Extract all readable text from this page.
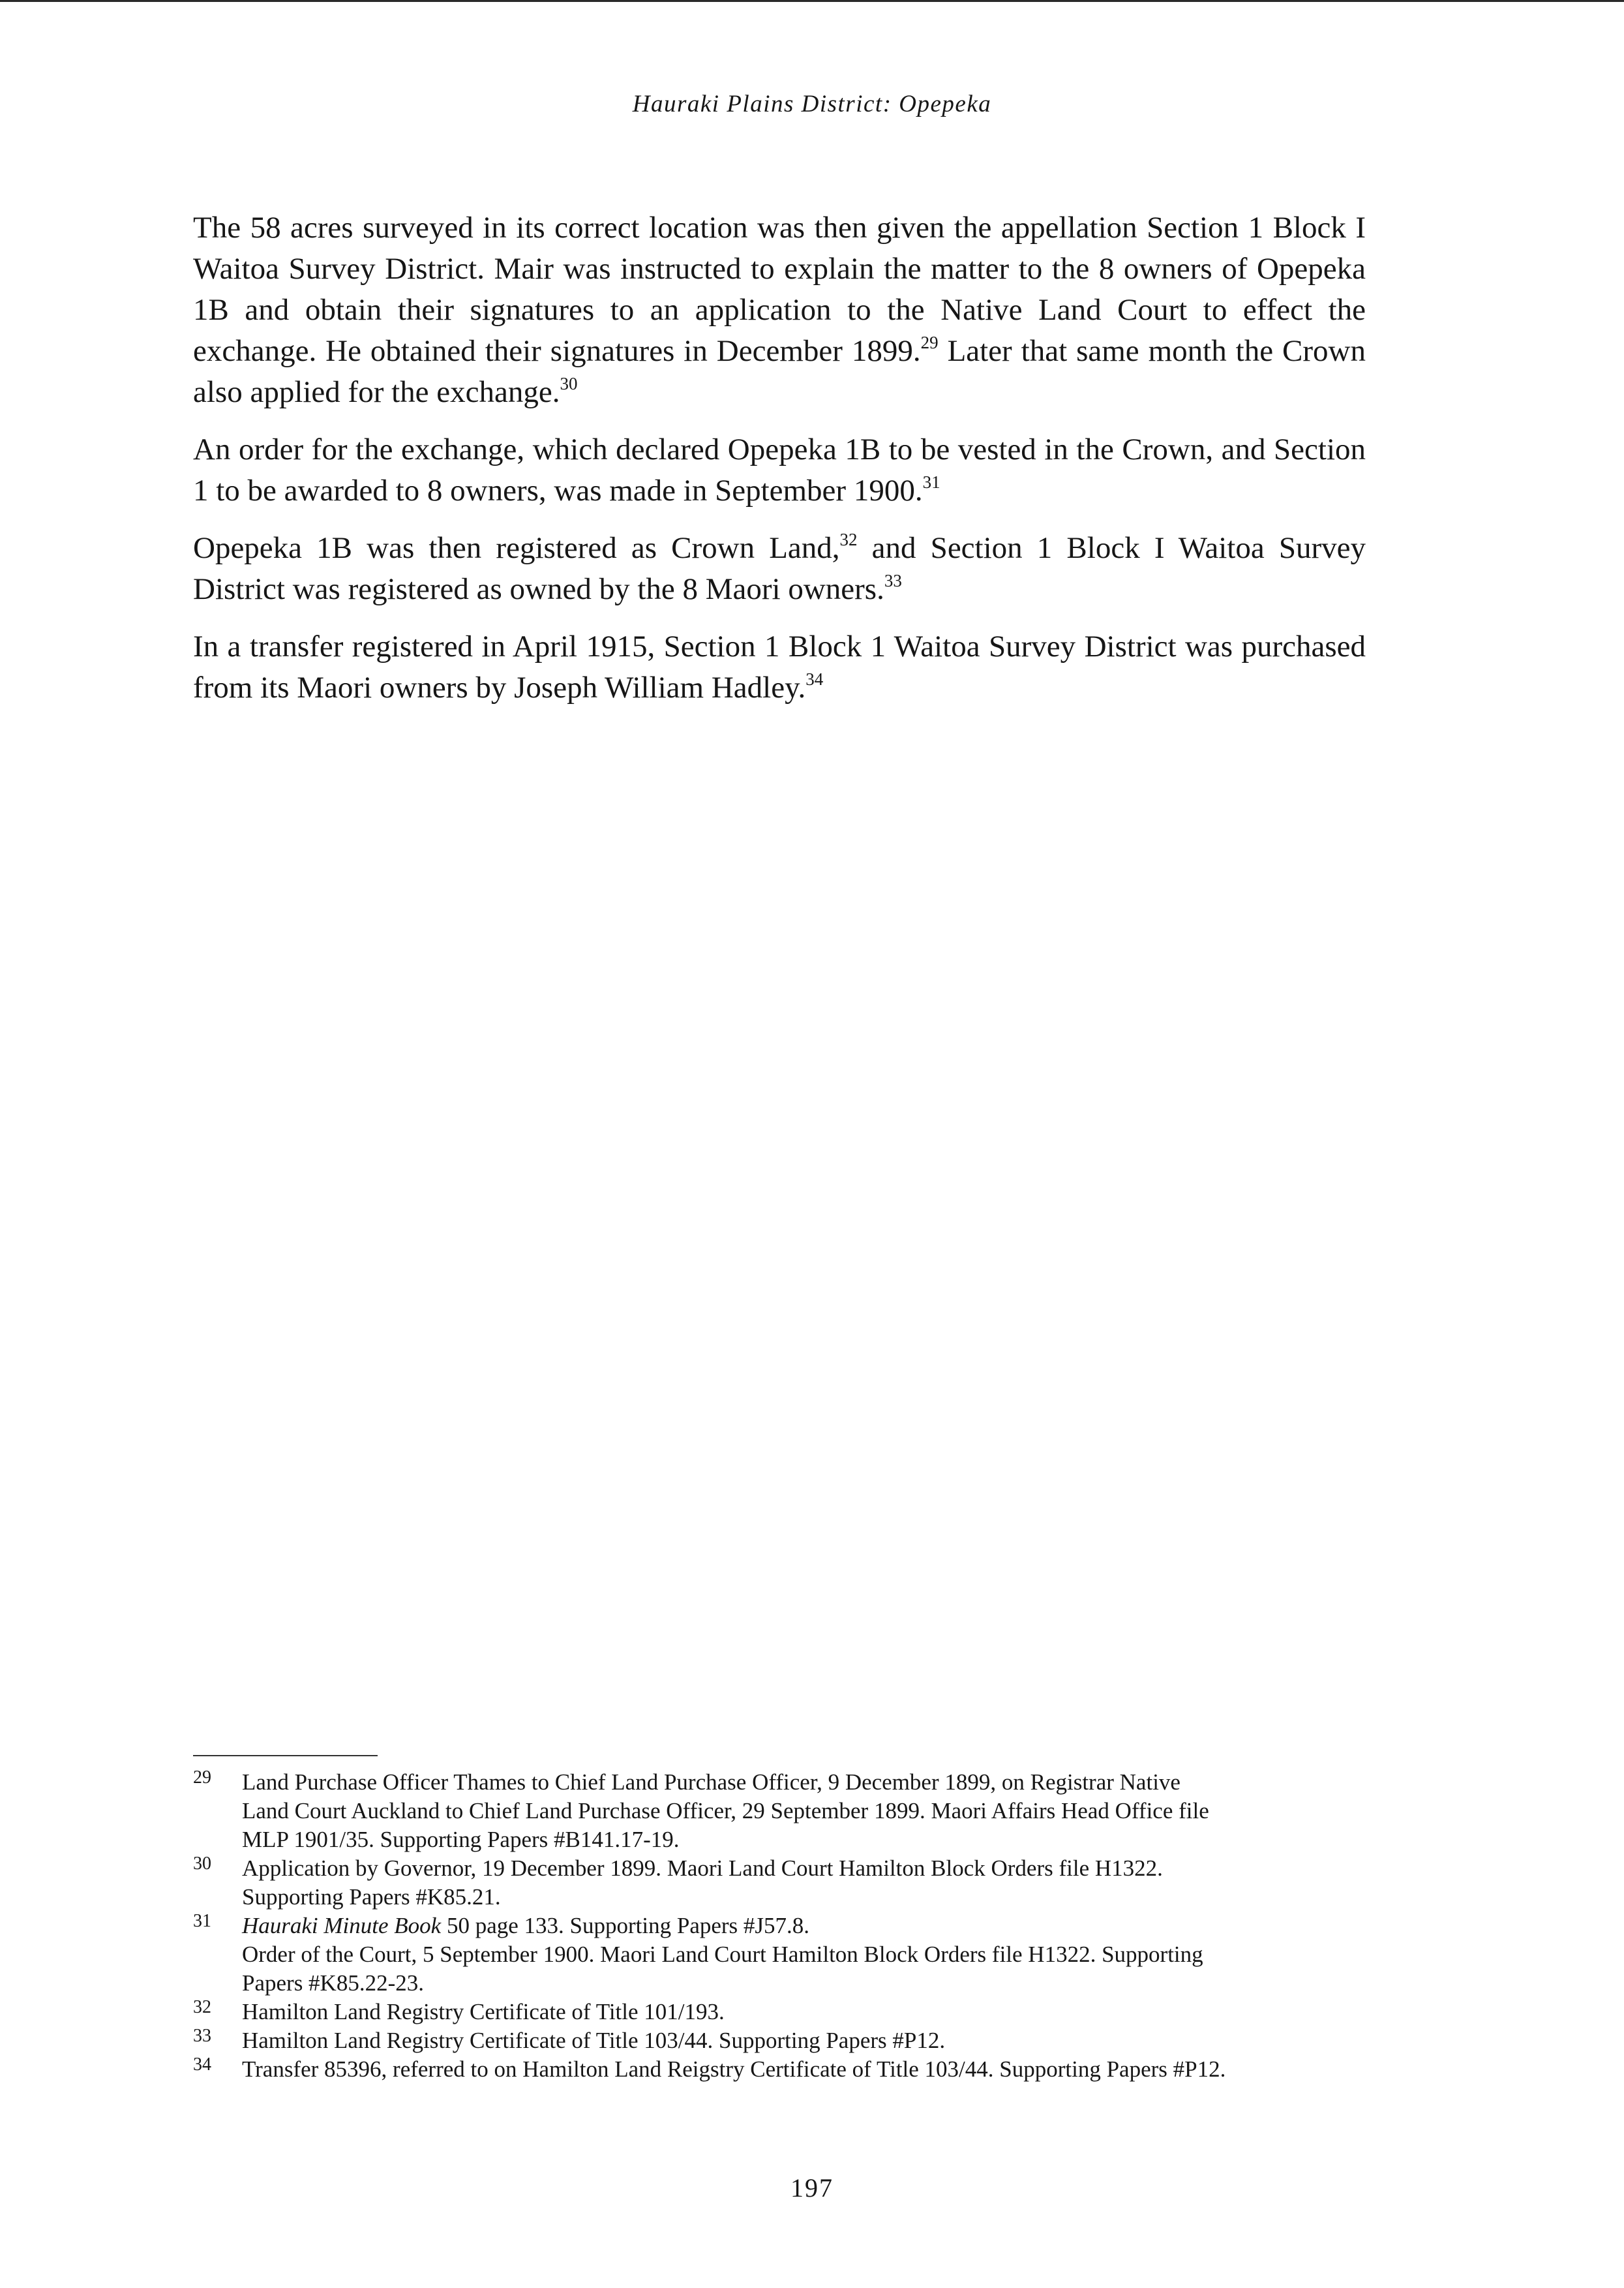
Hauraki Plains District: Opepeka

The 58 acres surveyed in its correct location was then given the appellation Section 1 Block I Waitoa Survey District. Mair was instructed to explain the matter to the 8 owners of Opepeka 1B and obtain their signatures to an application to the Native Land Court to effect the exchange. He obtained their signatures in December 1899.29 Later that same month the Crown also applied for the exchange.$^{30}$

An order for the exchange, which declared Opepeka 1B to be vested in the Crown, and Section 1 to be awarded to 8 owners, was made in September 1900.31

Opepeka 1B was then registered as Crown Land,$^{32}$ and Section 1 Block I Waitoa Survey District was registered as owned by the 8 Maori owners.$^{33}$

In a transfer registered in April 1915, Section 1 Block 1 Waitoa Survey District was purchased from its Maori owners by Joseph William Hadley.$^{34}$

29	Land Purchase Officer Thames to Chief Land Purchase Officer, 9 December 1899, on Registrar Native
Land Court Auckland to Chief Land Purchase Officer, 29 September 1899. Maori Affairs Head Office file
MLP 1901/35. Supporting Papers #B141.17-19.
30	Application by Governor, 19 December 1899. Maori Land Court Hamilton Block Orders file H1322.
Supporting Papers #K85.21.
31	Hauraki Minute Book 50 page 133. Supporting Papers #J57.8.
Order of the Court, 5 September 1900. Maori Land Court Hamilton Block Orders file H1322. Supporting
Papers #K85.22-23.
32	Hamilton Land Registry Certificate of Title 101/193.
33	Hamilton Land Registry Certificate of Title 103/44. Supporting Papers #P12.
34	Transfer 85396, referred to on Hamilton Land Reigstry Certificate of Title 103/44. Supporting Papers #P12.
197
